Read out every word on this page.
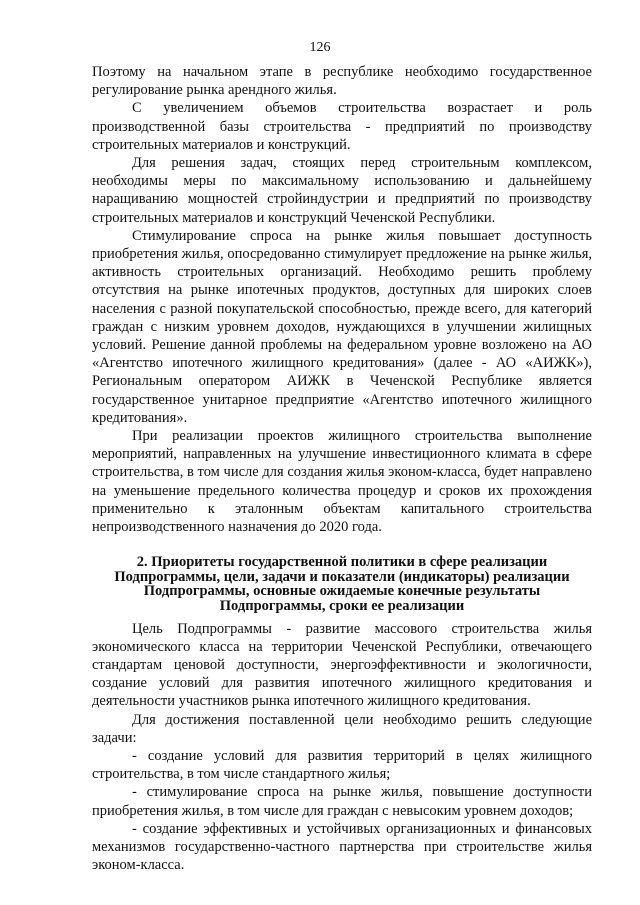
126

Поэтому на начальном этапе в республике необходимо государственное регулирование рынка арендного жилья.

С увеличением объемов строительства возрастает и роль производственной базы строительства - предприятий по производству строительных материалов и конструкций.

Для решения задач, стоящих перед строительным комплексом, необходимы меры по максимальному использованию и дальнейшему наращиванию мощностей стройиндустрии и предприятий по производству строительных материалов и конструкций Чеченской Республики.

Стимулирование спроса на рынке жилья повышает доступность приобретения жилья, опосредованно стимулирует предложение на рынке жилья, активность строительных организаций. Необходимо решить проблему отсутствия на рынке ипотечных продуктов, доступных для широких слоев населения с разной покупательской способностью, прежде всего, для категорий граждан с низким уровнем доходов, нуждающихся в улучшении жилищных условий. Решение данной проблемы на федеральном уровне возложено на АО «Агентство ипотечного жилищного кредитования» (далее - АО «АИЖК»), Региональным оператором АИЖК в Чеченской Республике является государственное унитарное предприятие «Агентство ипотечного жилищного кредитования».

При реализации проектов жилищного строительства выполнение мероприятий, направленных на улучшение инвестиционного климата в сфере строительства, в том числе для создания жилья эконом-класса, будет направлено на уменьшение предельного количества процедур и сроков их прохождения применительно к эталонным объектам капитального строительства непроизводственного назначения до 2020 года.

2. Приоритеты государственной политики в сфере реализации Подпрограммы, цели, задачи и показатели (индикаторы) реализации Подпрограммы, основные ожидаемые конечные результаты Подпрограммы, сроки ее реализации

Цель Подпрограммы - развитие массового строительства жилья экономического класса на территории Чеченской Республики, отвечающего стандартам ценовой доступности, энергоэффективности и экологичности, создание условий для развития ипотечного жилищного кредитования и деятельности участников рынка ипотечного жилищного кредитования.

Для достижения поставленной цели необходимо решить следующие задачи:

- создание условий для развития территорий в целях жилищного строительства, в том числе стандартного жилья;

- стимулирование спроса на рынке жилья, повышение доступности приобретения жилья, в том числе для граждан с невысоким уровнем доходов;

- создание эффективных и устойчивых организационных и финансовых механизмов государственно-частного партнерства при строительстве жилья эконом-класса.
